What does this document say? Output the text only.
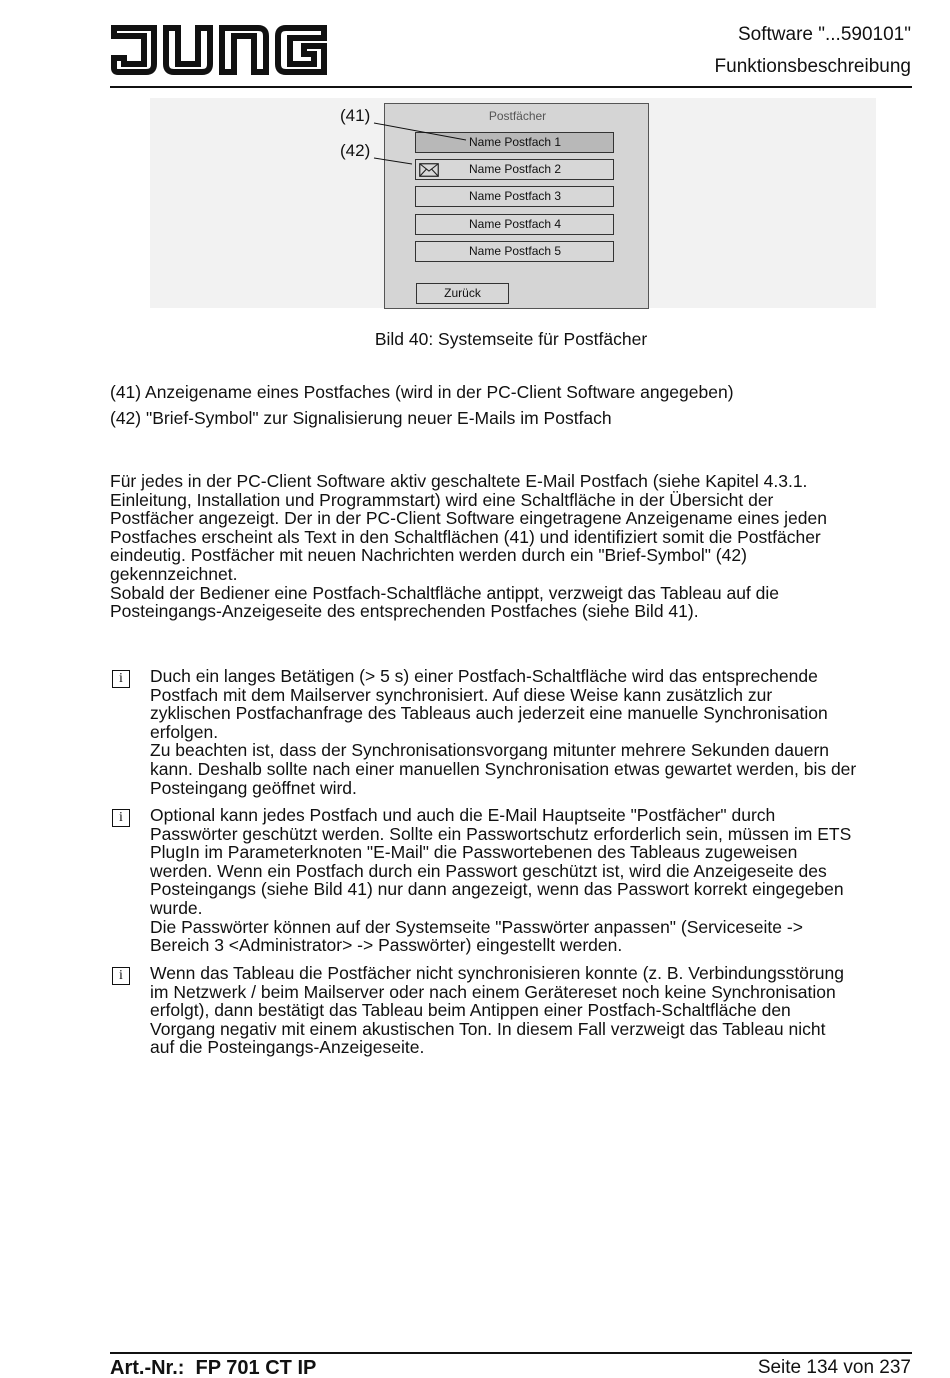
Software "...590101"
Funktionsbeschreibung
Postfächer
Name Postfach 1
Name Postfach 2
Name Postfach 3
Name Postfach 4
Name Postfach 5
Zurück
(41)
(42)
Bild 40: Systemseite für Postfächer
(41) Anzeigename eines Postfaches (wird in der PC-Client Software angegeben)
(42) "Brief-Symbol" zur Signalisierung neuer E-Mails im Postfach
Für jedes in der PC-Client Software aktiv geschaltete E-Mail Postfach (siehe Kapitel 4.3.1.
Einleitung, Installation und Programmstart) wird eine Schaltfläche in der Übersicht der
Postfächer angezeigt. Der in der PC-Client Software eingetragene Anzeigename eines jeden
Postfaches erscheint als Text in den Schaltflächen (41) und identifiziert somit die Postfächer
eindeutig. Postfächer mit neuen Nachrichten werden durch ein "Brief-Symbol" (42)
gekennzeichnet.
Sobald der Bediener eine Postfach-Schaltfläche antippt, verzweigt das Tableau auf die
Posteingangs-Anzeigeseite des entsprechenden Postfaches (siehe Bild 41).
i	Duch ein langes Betätigen (> 5 s) einer Postfach-Schaltfläche wird das entsprechende
Postfach mit dem Mailserver synchronisiert. Auf diese Weise kann zusätzlich zur
zyklischen Postfachanfrage des Tableaus auch jederzeit eine manuelle Synchronisation
erfolgen.
Zu beachten ist, dass der Synchronisationsvorgang mitunter mehrere Sekunden dauern
kann. Deshalb sollte nach einer manuellen Synchronisation etwas gewartet werden, bis der
Posteingang geöffnet wird.
i	Optional kann jedes Postfach und auch die E-Mail Hauptseite "Postfächer" durch
Passwörter geschützt werden. Sollte ein Passwortschutz erforderlich sein, müssen im ETS
PlugIn im Parameterknoten "E-Mail" die Passwortebenen des Tableaus zugeweisen
werden. Wenn ein Postfach durch ein Passwort geschützt ist, wird die Anzeigeseite des
Posteingangs (siehe Bild 41) nur dann angezeigt, wenn das Passwort korrekt eingegeben
wurde.
Die Passwörter können auf der Systemseite "Passwörter anpassen" (Serviceseite ->
Bereich 3 <Administrator> -> Passwörter) eingestellt werden.
i	Wenn das Tableau die Postfächer nicht synchronisieren konnte (z. B. Verbindungsstörung
im Netzwerk / beim Mailserver oder nach einem Gerätereset noch keine Synchronisation
erfolgt), dann bestätigt das Tableau beim Antippen einer Postfach-Schaltfläche den
Vorgang negativ mit einem akustischen Ton. In diesem Fall verzweigt das Tableau nicht
auf die Posteingangs-Anzeigeseite.
Art.-Nr.:  FP 701 CT IP	Seite 134 von 237
